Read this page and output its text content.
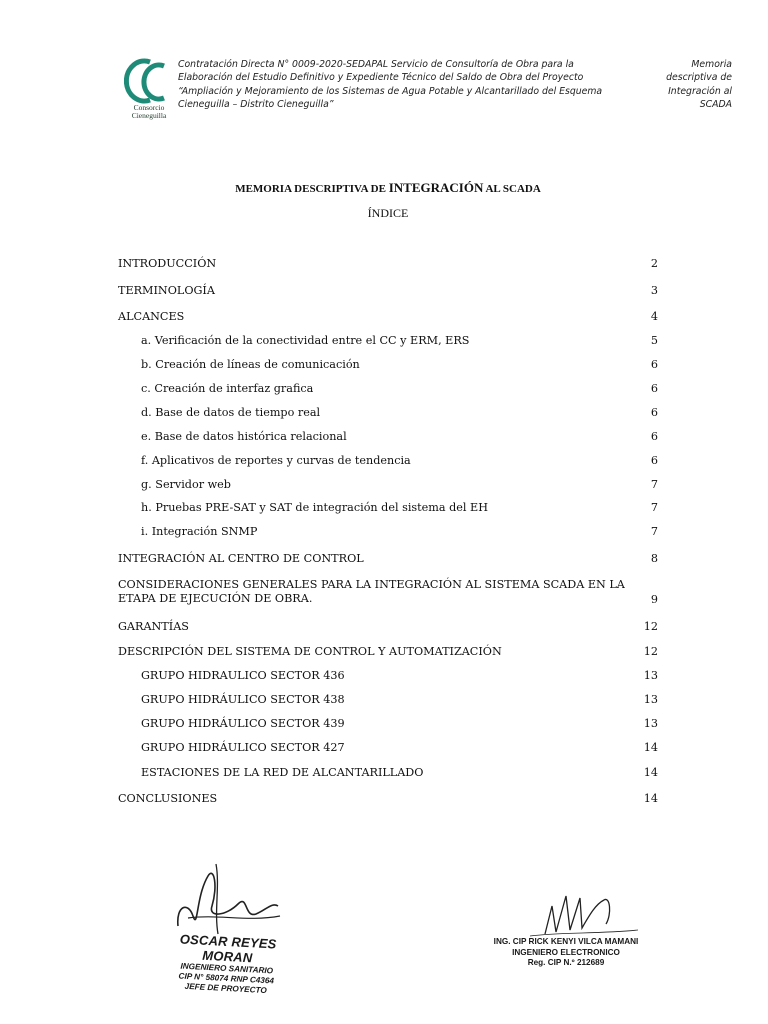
Consorcio
Cieneguilla
Contratación Directa N° 0009-2020-SEDAPAL Servicio de Consultoría de Obra para la
Elaboración del Estudio Definitivo y Expediente Técnico del Saldo de Obra del Proyecto
“Ampliación y Mejoramiento de los Sistemas de Agua Potable y Alcantarillado del Esquema
Cieneguilla – Distrito Cieneguilla”
Memoria
descriptiva de
Integración al
SCADA
MEMORIA DESCRIPTIVA DE INTEGRACIÓN AL SCADA
ÍNDICE
INTRODUCCIÓN	2
TERMINOLOGÍA	3
ALCANCES	4
a. Verificación de la conectividad entre el CC y ERM, ERS	5
b. Creación de líneas de comunicación	6
c. Creación de interfaz grafica	6
d. Base de datos de tiempo real	6
e. Base de datos histórica relacional	6
f. Aplicativos de reportes y curvas de tendencia	6
g. Servidor web	7
h. Pruebas PRE-SAT y SAT de integración del sistema del EH	7
i. Integración SNMP	7
INTEGRACIÓN AL CENTRO DE CONTROL	8
CONSIDERACIONES GENERALES PARA LA INTEGRACIÓN AL SISTEMA SCADA EN LA ETAPA DE EJECUCIÓN DE OBRA.	9
GARANTÍAS	12
DESCRIPCIÓN DEL SISTEMA DE CONTROL Y AUTOMATIZACIÓN	12
GRUPO HIDRAULICO SECTOR 436	13
GRUPO HIDRÁULICO SECTOR 438	13
GRUPO HIDRÁULICO SECTOR 439	13
GRUPO HIDRÁULICO SECTOR 427	14
ESTACIONES DE LA RED DE ALCANTARILLADO	14
CONCLUSIONES	14
OSCAR REYES MORAN
INGENIERO SANITARIO
CIP N° 58074 RNP C4364
JEFE DE PROYECTO
ING. CIP RICK KENYI VILCA MAMANI
INGENIERO ELECTRONICO
Reg. CIP N.º 212689
